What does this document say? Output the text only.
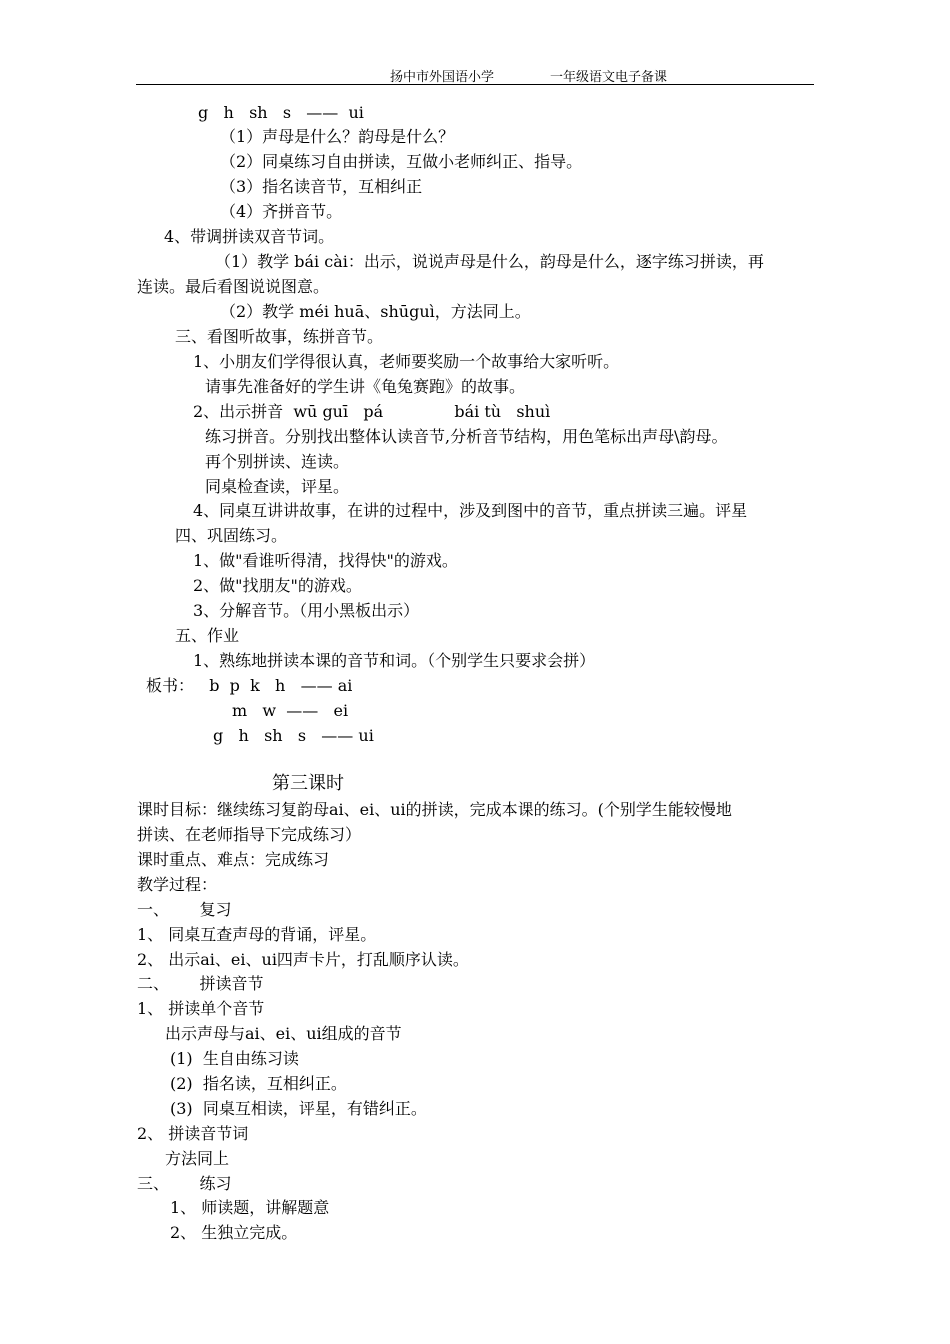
扬中市外国语小学	一年级语文电子备课
g   h   sh   s   ——  ui
（1）声母是什么？韵母是什么？
（2）同桌练习自由拼读，互做小老师纠正、指导。
（3）指名读音节，互相纠正
（4）齐拼音节。
4、带调拼读双音节词。
（1）教学 bái cài：出示，说说声母是什么，韵母是什么，逐字练习拼读，再
连读。最后看图说说图意。
（2）教学 méi huā、shūguì，方法同上。
三、看图听故事，练拼音节。
1、小朋友们学得很认真，老师要奖励一个故事给大家听听。
请事先准备好的学生讲《龟兔赛跑》的故事。
2、出示拼音  wū guī   pá              bái tù   shuì
练习拼音。分别找出整体认读音节,分析音节结构，用色笔标出声母\韵母。
再个别拼读、连读。
同桌检查读，评星。
4、同桌互讲讲故事，在讲的过程中，涉及到图中的音节，重点拼读三遍。评星
四、巩固练习。
1、做"看谁听得清，找得快"的游戏。
2、做"找朋友"的游戏。
3、分解音节。（用小黑板出示）
五、作业
1、熟练地拼读本课的音节和词。（个别学生只要求会拼）
板书：   b  p  k   h   —— ai
m   w  ——   ei
g   h   sh   s   —— ui
第三课时
课时目标：继续练习复韵母ai、ei、ui的拼读，完成本课的练习。(个别学生能较慢地
拼读、在老师指导下完成练习）
课时重点、难点：完成练习
教学过程：
一、      复习
1、 同桌互查声母的背诵，评星。
2、 出示ai、ei、ui四声卡片，打乱顺序认读。
二、      拼读音节
1、 拼读单个音节
出示声母与ai、ei、ui组成的音节
(1)  生自由练习读
(2)  指名读，互相纠正。
(3)  同桌互相读，评星，有错纠正。
2、 拼读音节词
方法同上
三、      练习
1、 师读题，讲解题意
2、 生独立完成。
